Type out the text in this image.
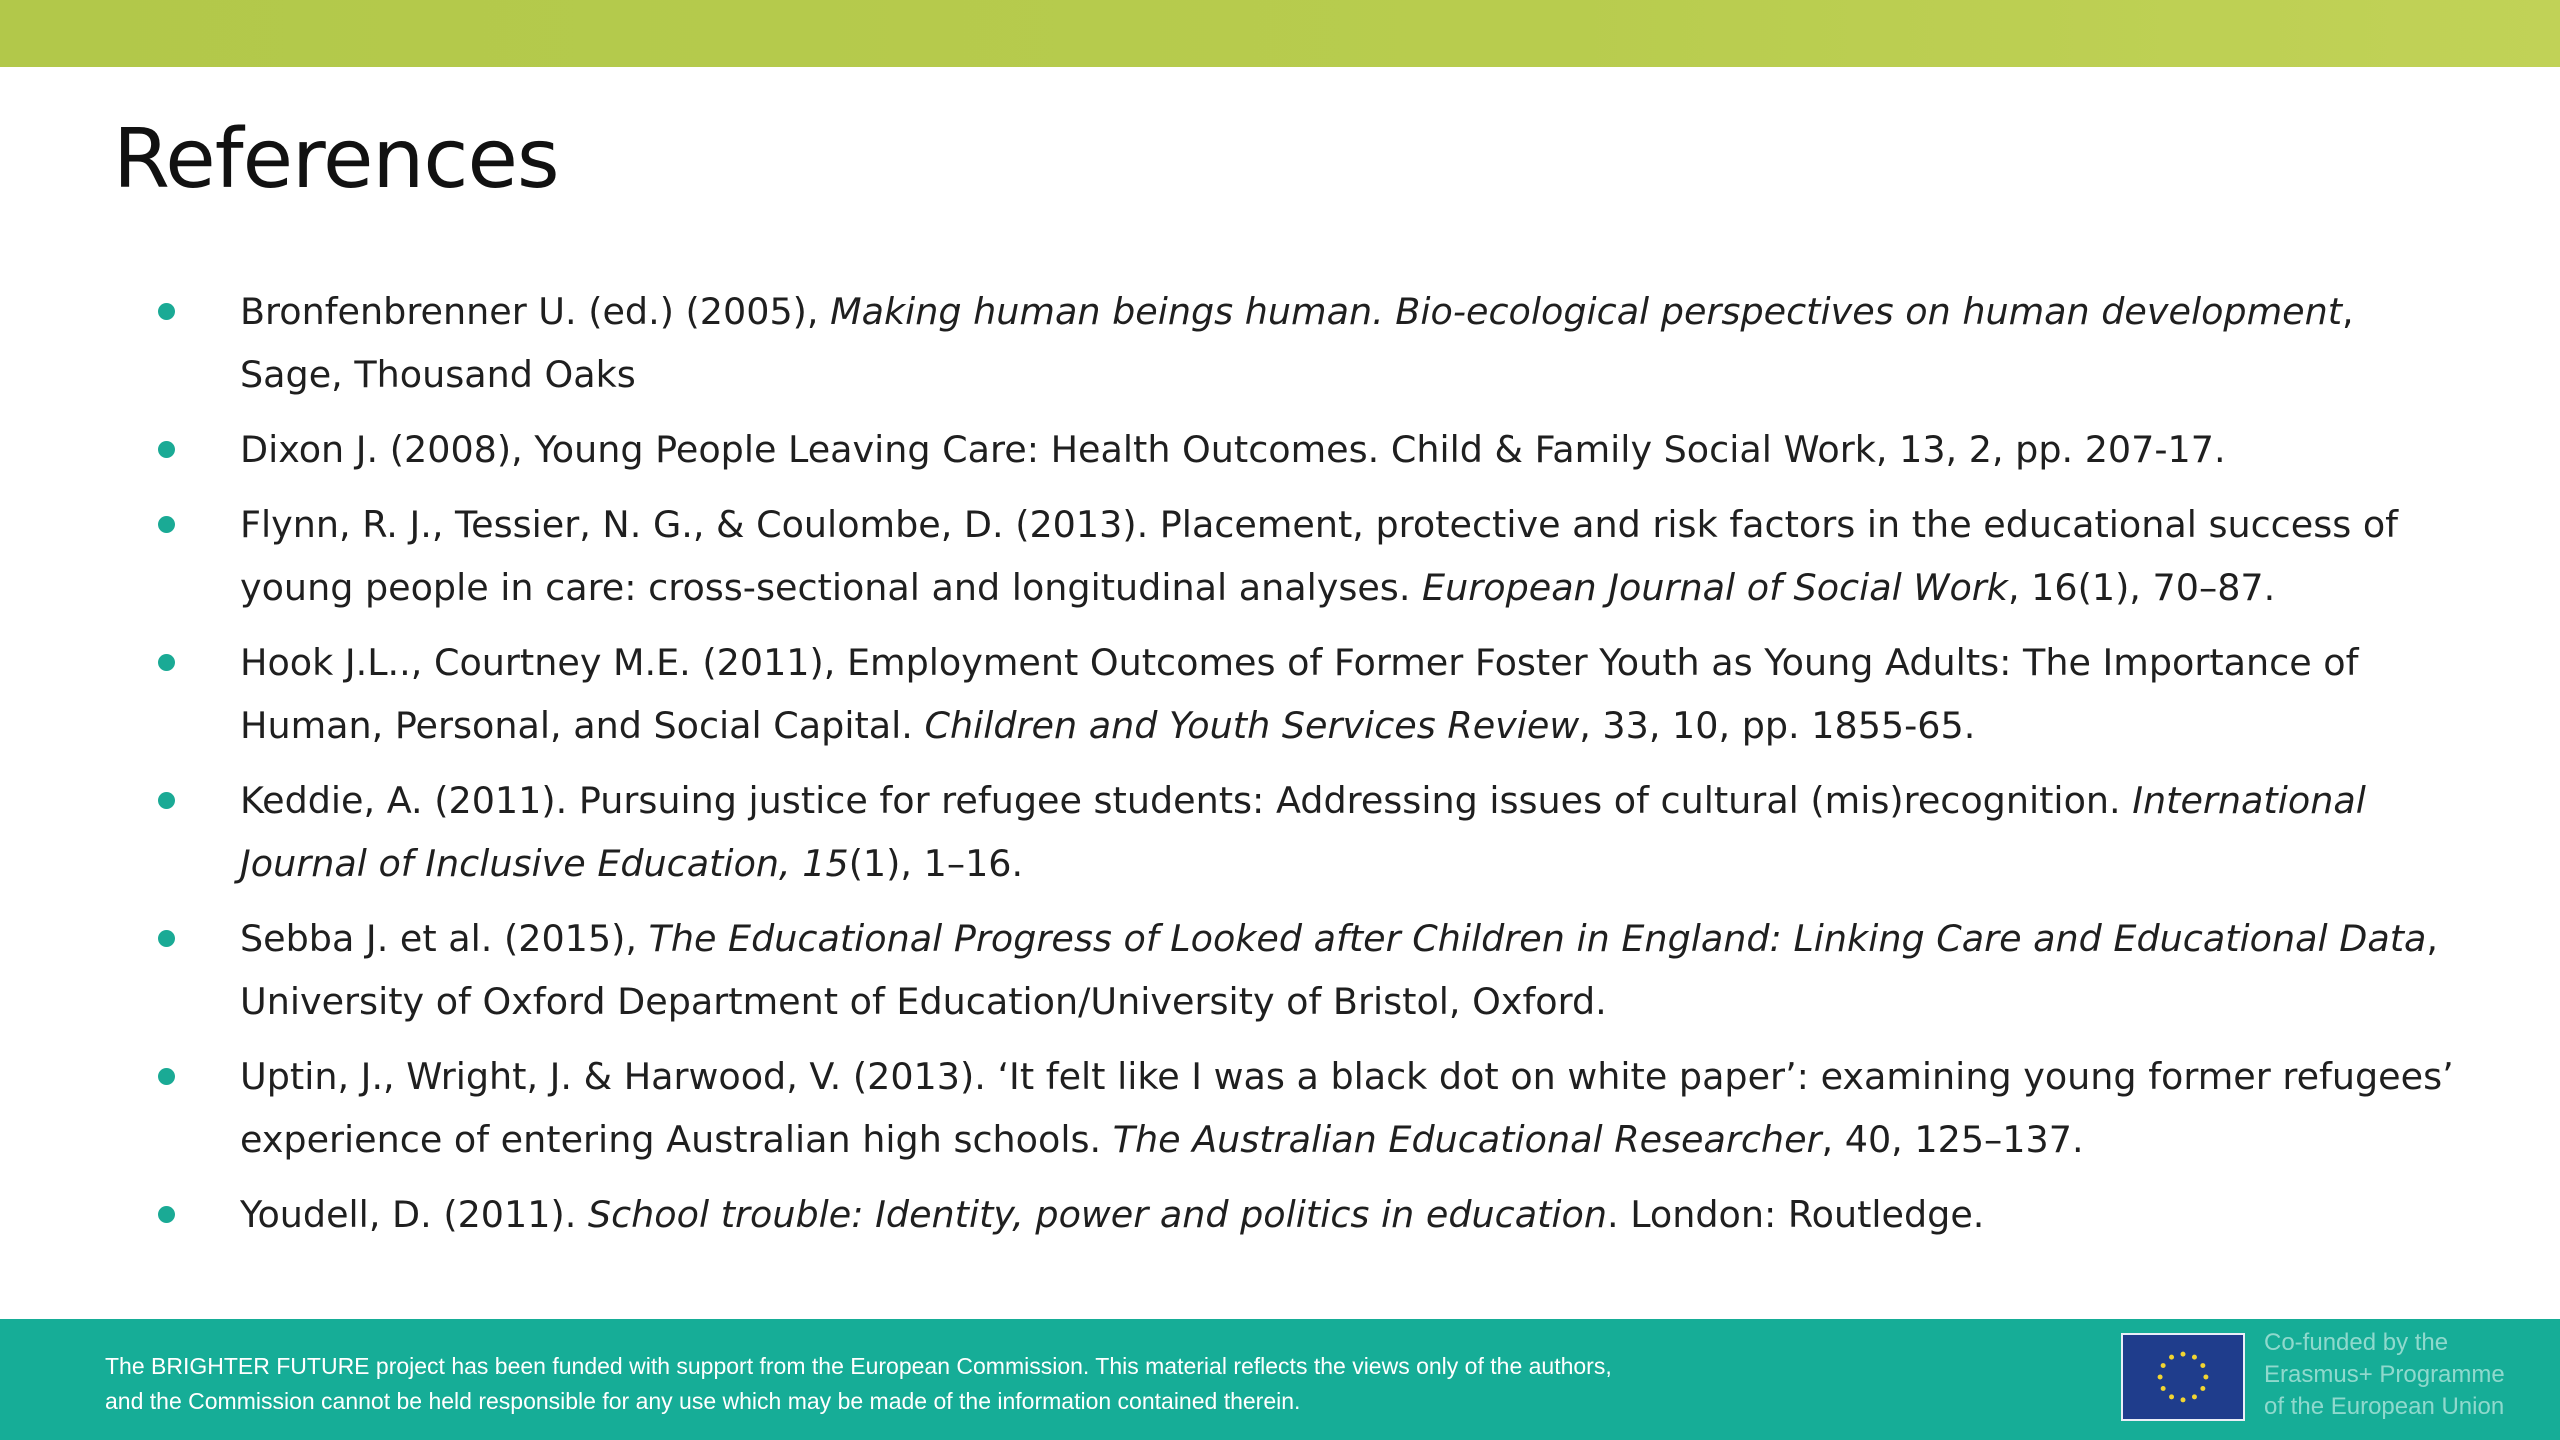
References
Bronfenbrenner U. (ed.) (2005), Making human beings human. Bio-ecological perspectives on human development, Sage, Thousand Oaks
Dixon J. (2008), Young People Leaving Care: Health Outcomes. Child & Family Social Work, 13, 2, pp. 207-17.
Flynn, R. J., Tessier, N. G., & Coulombe, D. (2013). Placement, protective and risk factors in the educational success of young people in care: cross-sectional and longitudinal analyses. European Journal of Social Work, 16(1), 70–87.
Hook J.L.., Courtney M.E. (2011), Employment Outcomes of Former Foster Youth as Young Adults: The Importance of Human, Personal, and Social Capital. Children and Youth Services Review, 33, 10, pp. 1855-65.
Keddie, A. (2011). Pursuing justice for refugee students: Addressing issues of cultural (mis)recognition. International Journal of Inclusive Education, 15(1), 1–16.
Sebba J. et al. (2015), The Educational Progress of Looked after Children in England: Linking Care and Educational Data, University of Oxford Department of Education/University of Bristol, Oxford.
Uptin, J., Wright, J. & Harwood, V. (2013). ‘It felt like I was a black dot on white paper’: examining young former refugees’ experience of entering Australian high schools. The Australian Educational Researcher, 40, 125–137.
Youdell, D. (2011). School trouble: Identity, power and politics in education. London: Routledge.
The BRIGHTER FUTURE project has been funded with support from the European Commission. This material reflects the views only of the authors,
and the Commission cannot be held responsible for any use which may be made of the information contained therein.
Co-funded by the
Erasmus+ Programme
of the European Union
